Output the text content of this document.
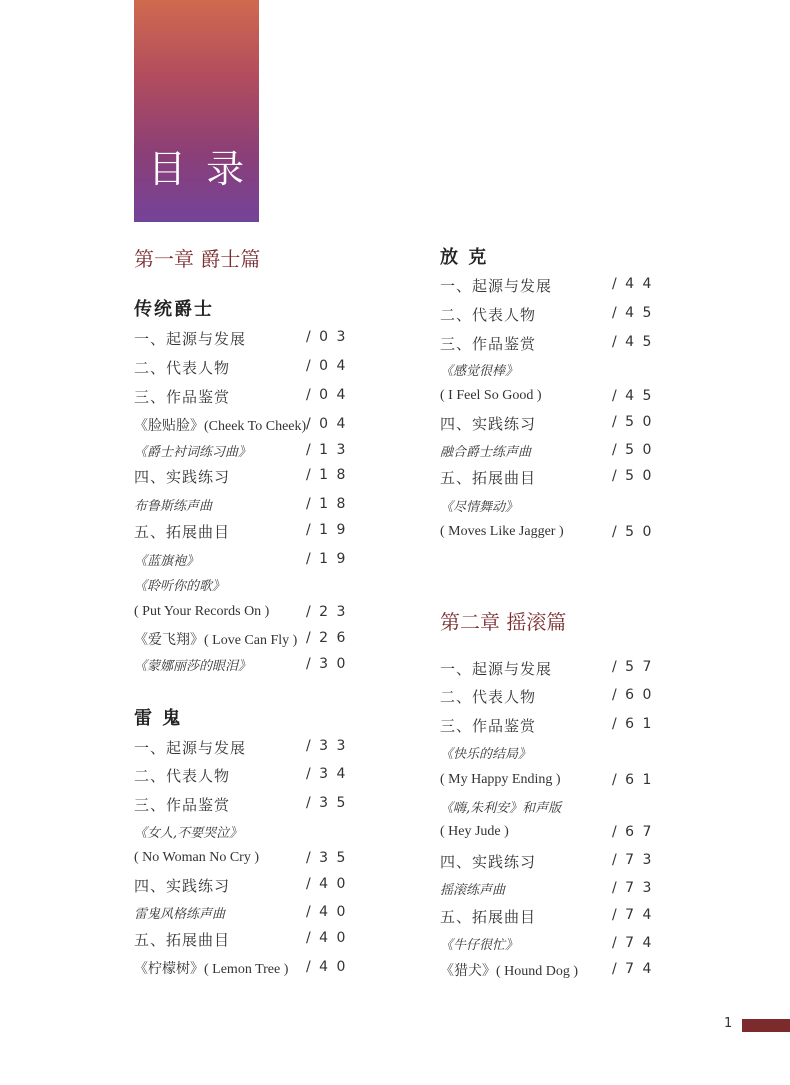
目 录
第一章 爵士篇
传统爵士
一、起源与发展	/ 0 3
二、代表人物	/ 0 4
三、作品鉴赏	/ 0 4
《脸贴脸》(Cheek To Cheek) / 0 4
《爵士衬词练习曲》	/ 1 3
四、实践练习	/ 1 8
布鲁斯练声曲	/ 1 8
五、拓展曲目	/ 1 9
《蓝旗袍》	/ 1 9
《聆听你的歌》
( Put Your Records On )	/ 2 3
《爱飞翔》( Love Can Fly ) / 2 6
《蒙娜丽莎的眼泪》	/ 3 0
雷 鬼
一、起源与发展	/ 3 3
二、代表人物	/ 3 4
三、作品鉴赏	/ 3 5
《女人,不要哭泣》
( No Woman No Cry )	/ 3 5
四、实践练习	/ 4 0
雷鬼风格练声曲	/ 4 0
五、拓展曲目	/ 4 0
《柠檬树》( Lemon Tree ) / 4 0
放 克
一、起源与发展	/ 4 4
二、代表人物	/ 4 5
三、作品鉴赏	/ 4 5
《感觉很棒》
( I Feel So Good )	/ 4 5
四、实践练习	/ 5 0
融合爵士练声曲	/ 5 0
五、拓展曲目	/ 5 0
《尽情舞动》
( Moves Like Jagger )	/ 5 0
第二章 摇滚篇
一、起源与发展	/ 5 7
二、代表人物	/ 6 0
三、作品鉴赏	/ 6 1
《快乐的结局》
( My Happy Ending )	/ 6 1
《嗨,朱利安》和声版
( Hey Jude )	/ 6 7
四、实践练习	/ 7 3
摇滚练声曲	/ 7 3
五、拓展曲目	/ 7 4
《牛仔很忙》	/ 7 4
《猎犬》( Hound Dog ) / 7 4
1
